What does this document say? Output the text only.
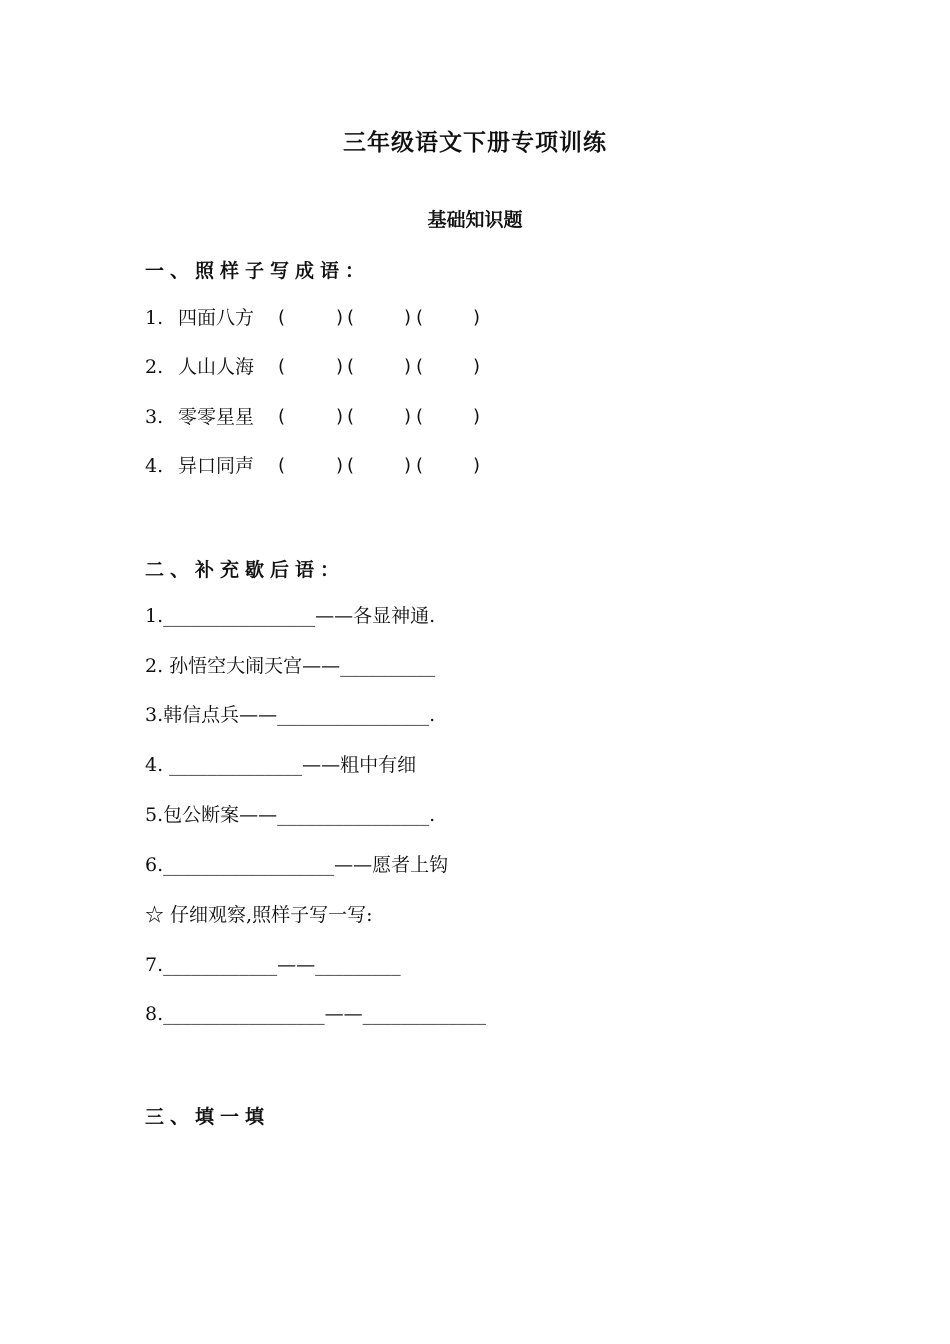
三年级语文下册专项训练
基础知识题
一、照样子写成语：
1. 四面八方 (	) (	) (	)
2. 人山人海 (	) (	) (	)
3. 零零星星 (	) (	) (	)
4. 异口同声 (	) (	) (	)
二、补充歇后语：
1.________________——各显神通.
2. 孙悟空大闹天宫——__________
3.韩信点兵——________________.
4. ______________——粗中有细
5.包公断案——________________.
6.__________________——愿者上钩
☆ 仔细观察,照样子写一写:
7.____________——_________
8._________________——_____________
三、填一填
